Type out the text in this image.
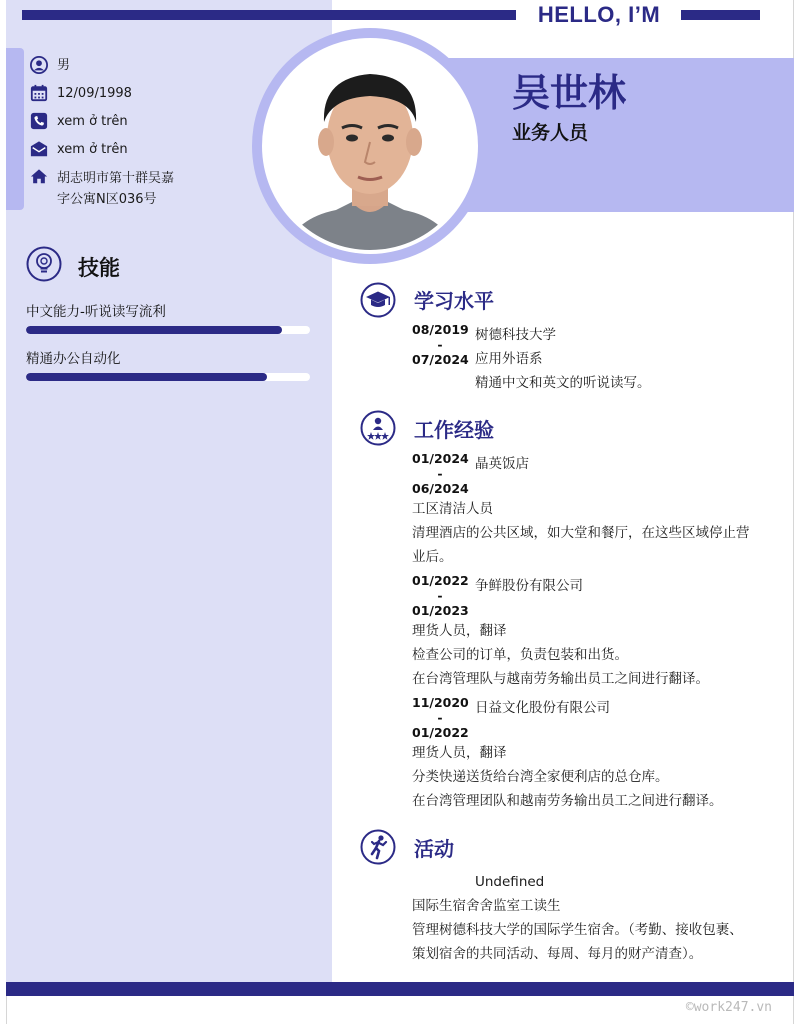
HELLO, I’M
男
12/09/1998
xem ở trên
xem ở trên
胡志明市第十群吴嘉
字公寓N区036号
吴世林
业务人员
技能
中文能力-听说读写流利
精通办公自动化
学习水平
08/2019
-
07/2024
树德科技大学
应用外语系
精通中文和英文的听说读写。
工作经验
01/2024
-
06/2024
晶英饭店
工区清洁人员
清理酒店的公共区域，如大堂和餐厅，在这些区域停止营
业后。
01/2022
-
01/2023
争鲜股份有限公司
理货人员，翻译
检查公司的订单，负责包装和出货。
在台湾管理队与越南劳务输出员工之间进行翻译。
11/2020
-
01/2022
日益文化股份有限公司
理货人员，翻译
分类快递送货给台湾全家便利店的总仓库。
在台湾管理团队和越南劳务输出员工之间进行翻译。
活动
Undefined
国际生宿舍舍监室工读生
管理树德科技大学的国际学生宿舍。（考勤、接收包裹、
策划宿舍的共同活动、每周、每月的财产清查）。
©work247.vn
